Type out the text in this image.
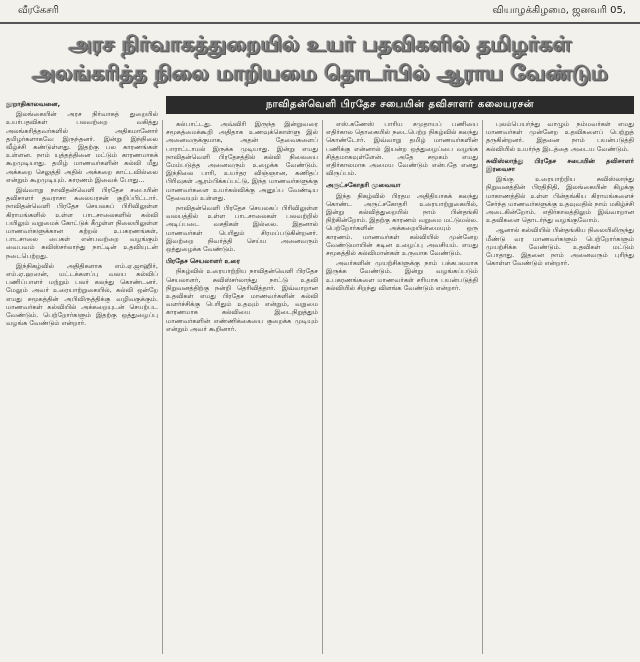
வீரகேசரி	வியாழக்கிழமை, ஜனவரி 05,
அரச நிர்வாகத்துறையில் உயர் பதவிகளில் தமிழர்கள்
அலங்கரித்த நிலை மாறியமை தொடர்பில் ஆராய வேண்டும்
நாவிதன்வெளி பிரதேச சபையின் தவிசாளர் கலையரசன்

நூறாதிகாலவனை,

இலங்கையின் அரச நிர்வாகத் துறையில் உயர்பதவிகள் பலவற்றை வகித்து அலங்கரித்தவர்களில் அதிகமானோர் தமிழர்களாகவே இருந்தனர். இன்று இந்நிலை வீழ்ச்சி கண்டுள்ளது. இதற்கு பல காரணங்கள் உள்ளன. நாம் யுத்தத்தினை மட்டும் காரணமாகக் கூறமுடியாது. தமிழ் மாணவர்களின் கல்வி மீது அக்கறை செலுத்தி அதில் அக்கறை காட்டவில்லை என்றும் கூறமுடியும். காரணம் இவைக் போது...

இவ்வாறு நாவிதன்வெளி பிரதேச சபையின் தவிசாளர் தவராசா கலையரசன் குறிப்பிட்டார். நாவிதன்வெளி பிரதேச செயலகப் பிரிவிலுள்ள கிராமங்களில் உள்ள பாடசாலைகளில் கல்வி பயிலும் வறுமைக் கோட்டுக் கீழுள்ள நிலையிலுள்ள மாணவர்களுக்கான கற்றல் உபகரணங்கள், பாடசாலை பைகள் என்பவற்றை வழங்கும் வைபவம் சுவிஸ்சர்லாந்து நாட்டின் உதவியுடன் நடைபெற்றது.

இந்நிகழ்வில் அதிதிகளாக எம்.ஏ.ஜாஹிர், எம்.ஏ.ஹஸன், மட்டக்களப்பு வலய கல்விப் பணிப்பாளர் மற்றும் பலர் கலந்து கொண்டனர். மேலும் அவர் உரையாற்றுகையில், கல்வி ஒன்றே எமது சமூகத்தின் அபிவிருத்திக்கு வழிவகுக்கும். மாணவர்கள் கல்வியில் அக்கறையுடன் செயற்பட வேண்டும். பெற்றோர்களும் இதற்கு ஒத்துழைப்பு வழங்க வேண்டும் என்றார்.

கல்பாட்டது. அவ்விரி இருந்த இன்றுவரை சமூகத்மைக்கூறி அதிதாக உணவுக்கொள்ளு இல் அனைவருக்குமாக, அதன் தேவைகளைப் பாராட்டாமல் இருக்க முடியாது. இன்று எமது நாவிதன்வெளி பிரதேசத்தில் கல்வி நிலையை மேம்படுத்த அனைவரும் உழைக்க வேண்டும். இந்நிலை பாரி, உயர்தர விஞ்ஞான, கணிதப் பிரிவுகள் ஆரம்பிக்கப்பட்டு, இந்த மாணவர்களுக்கு மாணவர்களை உயர்கல்விக்கு அனுப்ப வேண்டிய தேவையும் உள்ளது.

நாவிதன்வெளி பிரதேச செயலகப் பிரிவிலுள்ள வலயத்தில் உள்ள பாடசாலைகள் பலவற்றில் அடிப்படை வசதிகள் இல்லை. இதனால் மாணவர்கள் பெரிதும் சிரமப்படுகின்றனர். இவற்றை நிவர்த்தி செய்ய அனைவரும் ஒத்துழைக்க வேண்டும்.

பிரதேச செயலாளர் உரை

நிகழ்வில் உரையாற்றிய நாவிதன்வெளி பிரதேச செயலாளர், சுவிஸ்சர்லாந்து நாட்டு உதவி நிறுவனத்திற்கு நன்றி தெரிவித்தார். இவ்வாறான உதவிகள் எமது பிரதேச மாணவர்களின் கல்வி வளர்ச்சிக்கு பெரிதும் உதவும் என்றும், வறுமை காரணமாக கல்வியை இடைநிறுத்தும் மாணவர்களின் எண்ணிக்கையை குறைக்க முடியும் என்றும் அவர் கூறினார்.

எஸ்.கணேஸ் பாரிய சமுதாயப் பணியை எதிர்கால தொகையில் நடைபெற்ற நிகழ்வில் கலந்து கொண்டோர். இவ்வாறு தமிழ் மாணவர்களின் பணிக்கு என்னால் இயன்ற ஒத்துழைப்பை வழங்க சித்தமாகவுள்ளேன். அதே சமூகம் எமது எதிர்காலமாக அமைய வேண்டும் என்பதே எனது விருப்பம்.

அருட்சகோதரி முவைவா

இந்த நிகழ்வில் பிரதம அதிதியாகக் கலந்து கொண்ட அருட்சகோதரி உரையாற்றுகையில், இன்று கல்வித்துறையில் நாம் பின்தங்கி நிற்கின்றோம். இதற்கு காரணம் வறுமை மட்டுமல்ல. பெற்றோர்களின் அக்கறையின்மையும் ஒரு காரணம். மாணவர்கள் கல்வியில் முன்னேற வேண்டுமாயின் கடின உழைப்பு அவசியம். எமது சமூகத்தில் கல்விமான்கள் உருவாக வேண்டும்.

அவர்களின் முயற்சிகளுக்கு நாம் பக்கபலமாக இருக்க வேண்டும். இன்று வழங்கப்படும் உபகரணங்களை மாணவர்கள் சரியாக பயன்படுத்தி கல்வியில் சிறந்து விளங்க வேண்டும் என்றார்.

புலம்பெயர்ந்து வாழும் நம்மவர்கள் எமது மாணவர்கள் முன்னேற உதவிகளைப் பெற்றுத் தருகின்றனர். இதனை நாம் பயன்படுத்தி கல்வியில் உயர்ந்த இடத்தை அடைய வேண்டும்.

சுவிஸ்லாந்து பிரதேச சபையின் தவிசாளர் இரவைசா

இங்கு உரையாற்றிய சுவிஸ்லாந்து நிறுவனத்தின் பிரதிநிதி, இலங்கையின் கிழக்கு மாகாணத்தில் உள்ள பின்தங்கிய கிராமங்களைச் சேர்ந்த மாணவர்களுக்கு உதவுவதில் நாம் மகிழ்ச்சி அடைகின்றோம். எதிர்காலத்திலும் இவ்வாறான உதவிகளை தொடர்ந்து வழங்குவோம்.

ஆனால் கல்வியில் பின்தங்கிய நிலையிலிருந்து மீண்டு வர மாணவர்களும் பெற்றோர்களும் முயற்சிக்க வேண்டும். உதவிகள் மட்டும் போதாது. இதனை நாம் அனைவரும் புரிந்து கொள்ள வேண்டும் என்றார்.
